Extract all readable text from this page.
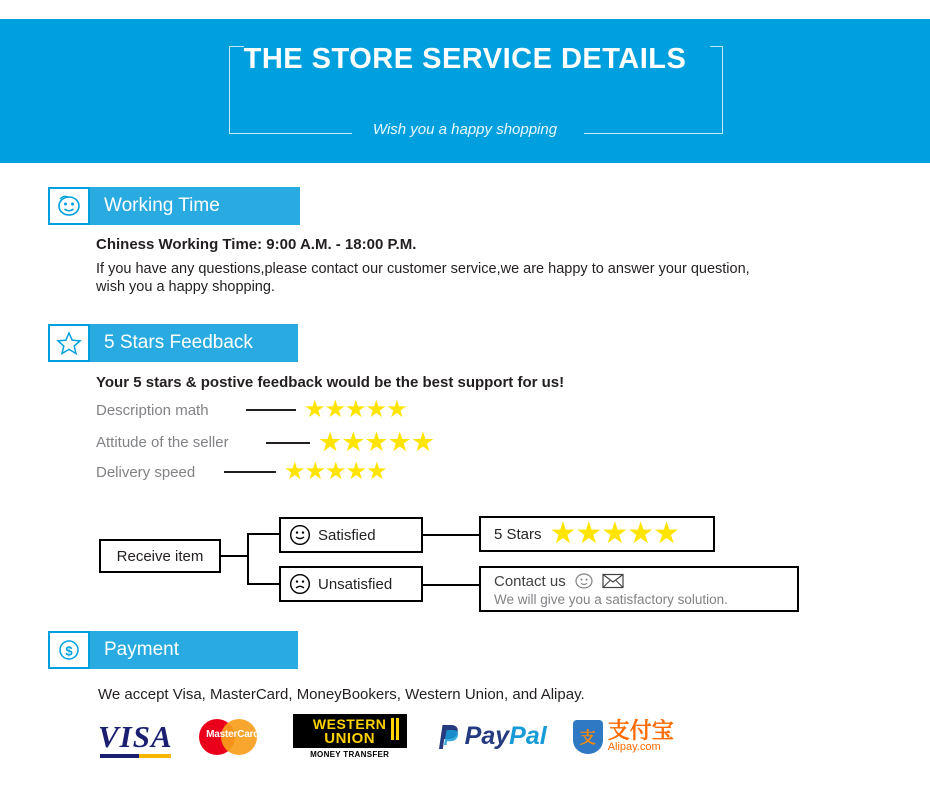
THE STORE SERVICE DETAILS
Wish you a happy shopping
Working Time
Chiness Working Time: 9:00 A.M. - 18:00 P.M.
If you have any questions,please contact our customer service,we are happy to answer your question,
wish you a happy shopping.
5 Stars Feedback
Your 5 stars & postive feedback would be the best support for us!
Description math	★★★★★
Attitude of the seller	★★★★★
Delivery speed	★★★★★
Receive item
Satisfied
Unsatisfied
5 Stars ★★★★★
Contact us
We will give you a satisfactory solution.
$	Payment
We accept Visa, MasterCard, MoneyBookers, Western Union, and Alipay.
VISA	MasterCard
WESTERN
UNION
MONEY TRANSFER
PayPal 支 支付宝
Alipay.com
